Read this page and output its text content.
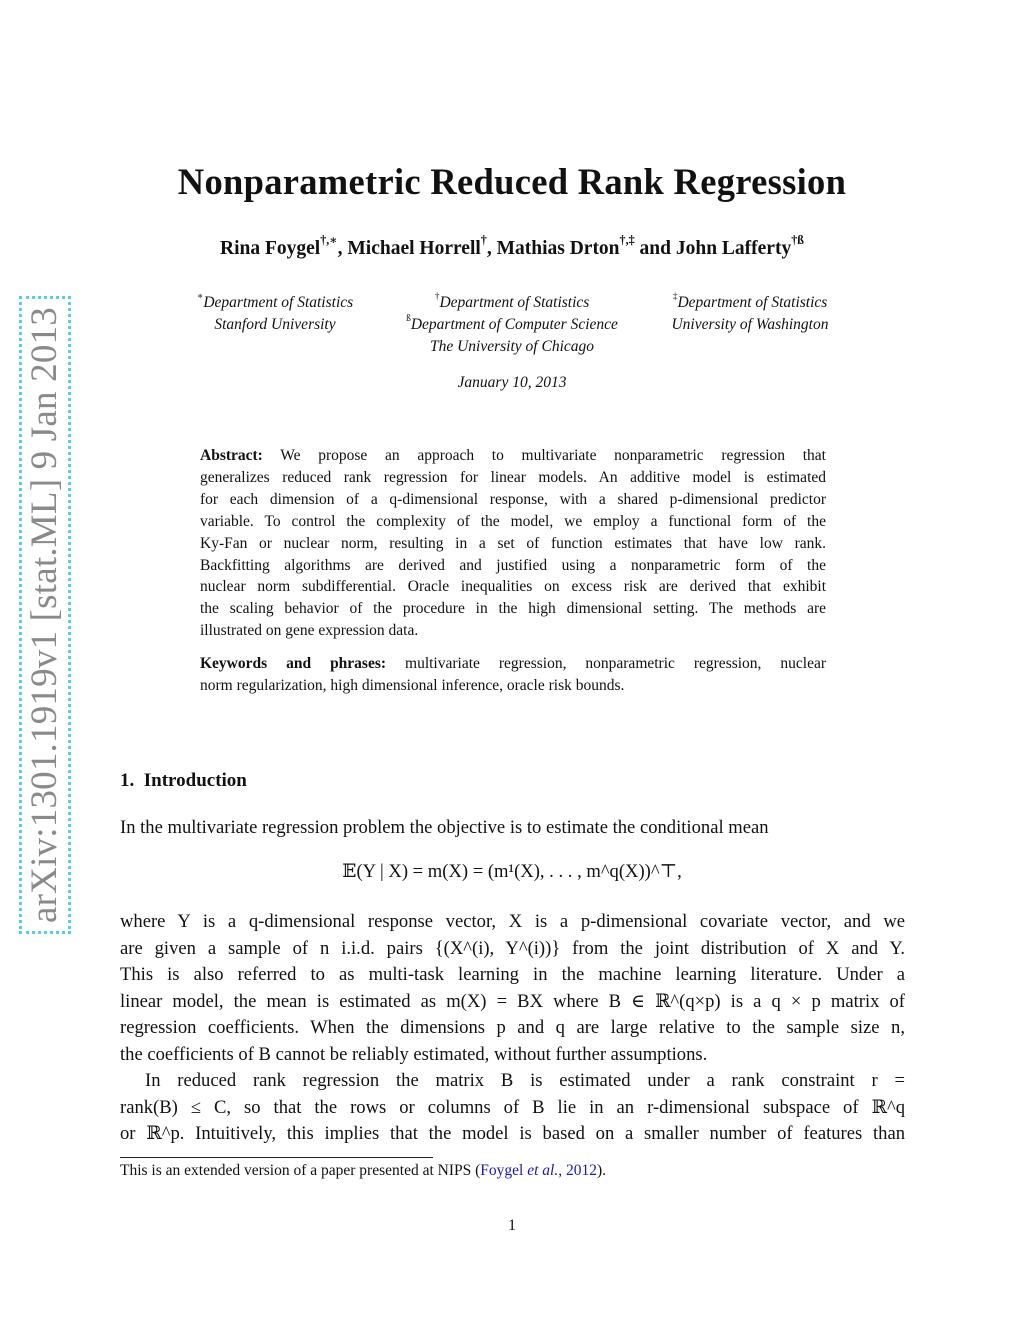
arXiv:1301.1919v1 [stat.ML] 9 Jan 2013
Nonparametric Reduced Rank Regression
Rina Foygel†,∗, Michael Horrell†, Mathias Drton†,‡ and John Lafferty$^{\dagger ß}$
∗Department of Statistics
Stanford University
†Department of Statistics
$^ß$Department of Computer Science
The University of Chicago
‡Department of Statistics
University of Washington
January 10, 2013
Abstract: We propose an approach to multivariate nonparametric regression that
generalizes reduced rank regression for linear models. An additive model is estimated
for each dimension of a q-dimensional response, with a shared p-dimensional predictor
variable. To control the complexity of the model, we employ a functional form of the
Ky-Fan or nuclear norm, resulting in a set of function estimates that have low rank.
Backfitting algorithms are derived and justified using a nonparametric form of the
nuclear norm subdifferential. Oracle inequalities on excess risk are derived that exhibit
the scaling behavior of the procedure in the high dimensional setting. The methods are
illustrated on gene expression data.
Keywords and phrases: multivariate regression, nonparametric regression, nuclear
norm regularization, high dimensional inference, oracle risk bounds.
1. Introduction
In the multivariate regression problem the objective is to estimate the conditional mean
𝔼(Y | X) = m(X) = (m¹(X), . . . , m^q(X))^⊤,
where Y is a q-dimensional response vector, X is a p-dimensional covariate vector, and we
are given a sample of n i.i.d. pairs {(X^(i), Y^(i))} from the joint distribution of X and Y.
This is also referred to as multi-task learning in the machine learning literature. Under a
linear model, the mean is estimated as m(X) = BX where B ∈ ℝ^(q×p) is a q × p matrix of
regression coefficients. When the dimensions p and q are large relative to the sample size n,
the coefficients of B cannot be reliably estimated, without further assumptions.
In reduced rank regression the matrix B is estimated under a rank constraint r =
rank(B) ≤ C, so that the rows or columns of B lie in an r-dimensional subspace of ℝ^q
or ℝ^p. Intuitively, this implies that the model is based on a smaller number of features than
This is an extended version of a paper presented at NIPS (Foygel et al., 2012).
1
